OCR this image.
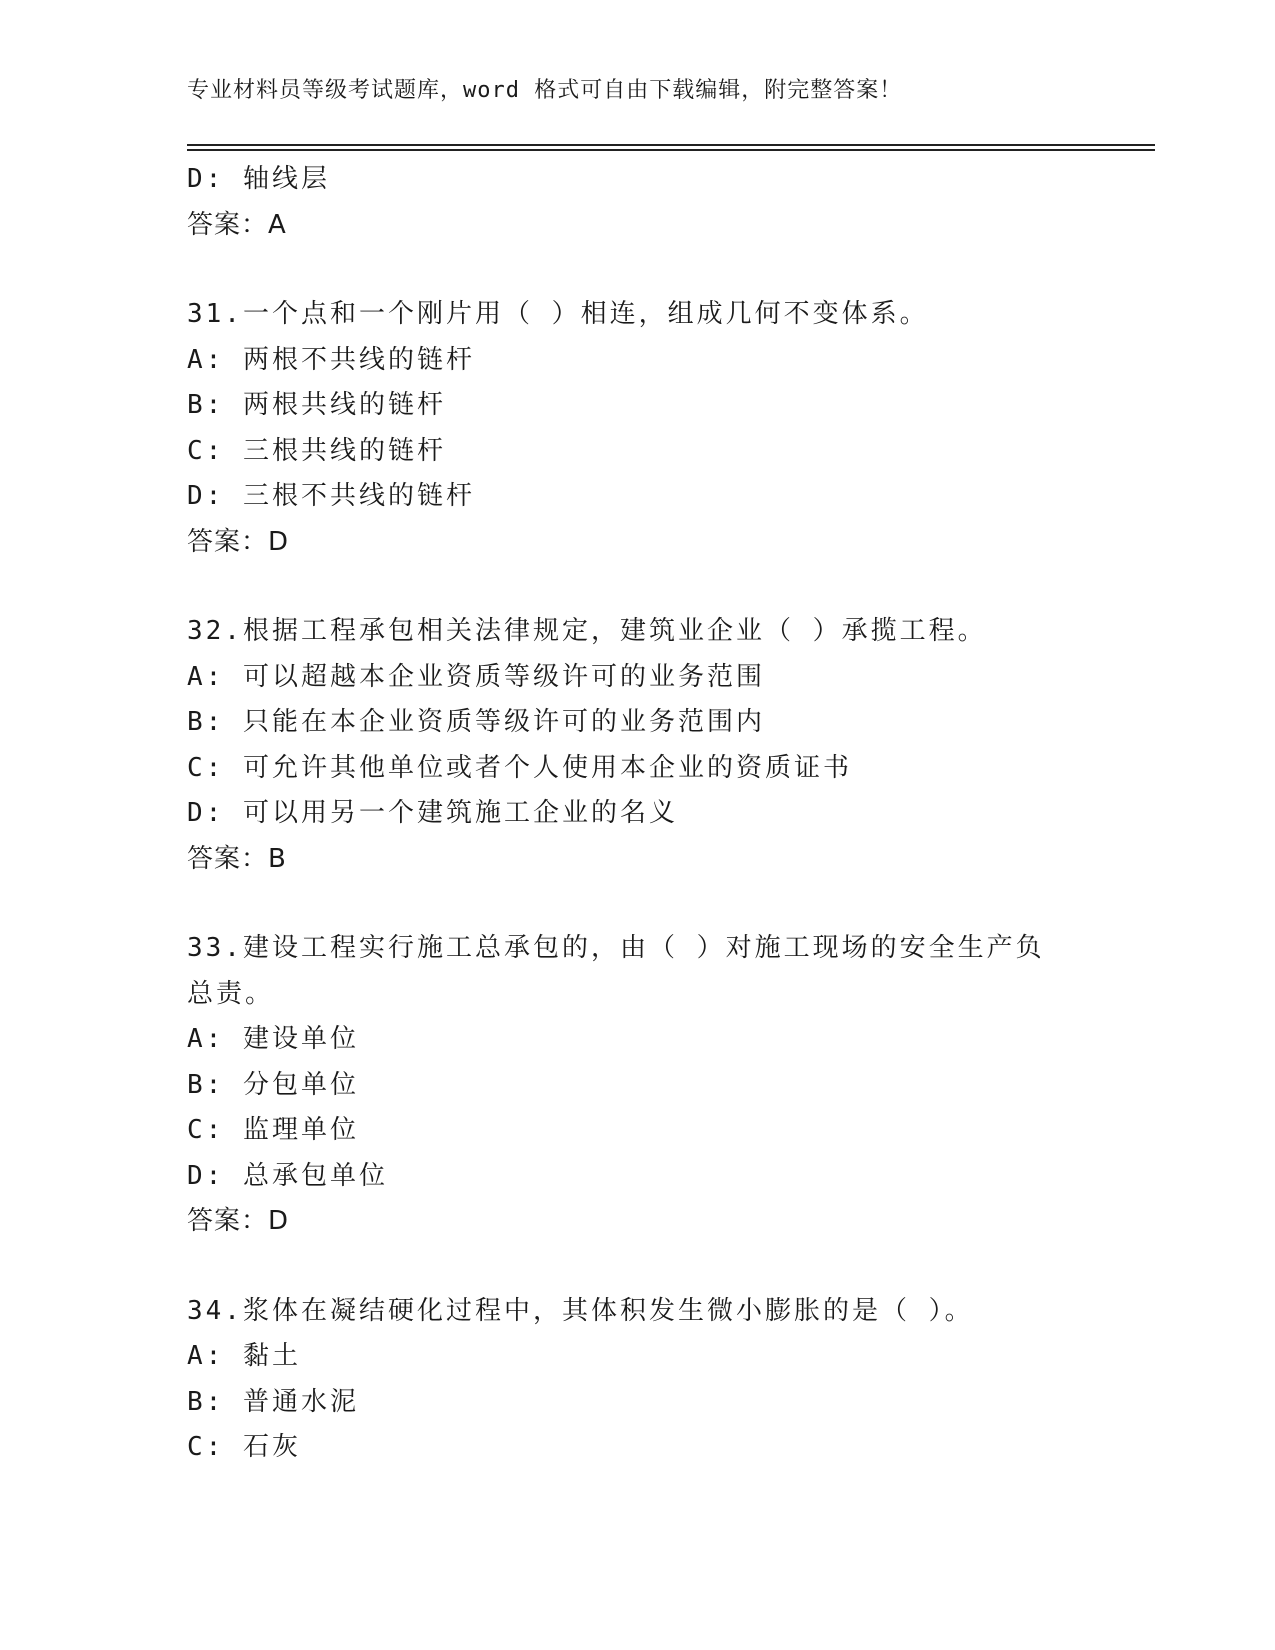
专业材料员等级考试题库，word 格式可自由下载编辑，附完整答案！
D: 轴线层
答案：A
31.一个点和一个刚片用（ ）相连，组成几何不变体系。
A: 两根不共线的链杆
B: 两根共线的链杆
C: 三根共线的链杆
D: 三根不共线的链杆
答案：D
32.根据工程承包相关法律规定，建筑业企业（ ）承揽工程。
A: 可以超越本企业资质等级许可的业务范围
B: 只能在本企业资质等级许可的业务范围内
C: 可允许其他单位或者个人使用本企业的资质证书
D: 可以用另一个建筑施工企业的名义
答案：B
33.建设工程实行施工总承包的，由（ ）对施工现场的安全生产负总责。
A: 建设单位
B: 分包单位
C: 监理单位
D: 总承包单位
答案：D
34.浆体在凝结硬化过程中，其体积发生微小膨胀的是（ ）。
A: 黏土
B: 普通水泥
C: 石灰
